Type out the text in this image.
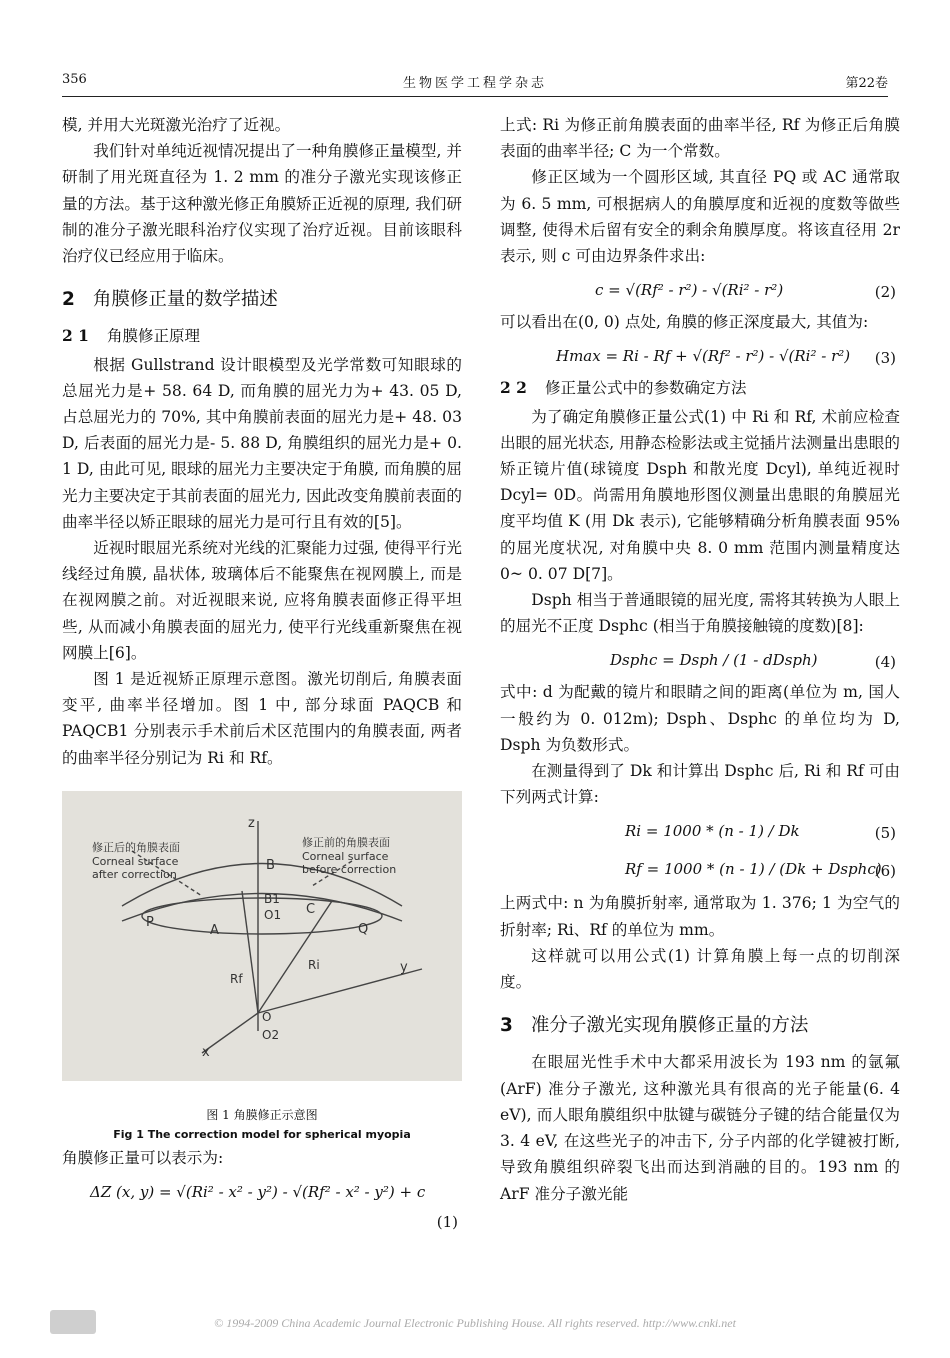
356	生物医学工程学杂志	第22卷

模, 并用大光斑激光治疗了近视。

我们针对单纯近视情况提出了一种角膜修正量模型, 并研制了用光斑直径为 1. 2 mm 的准分子激光实现该修正量的方法。基于这种激光修正角膜矫正近视的原理, 我们研制的准分子激光眼科治疗仪实现了治疗近视。目前该眼科治疗仪已经应用于临床。

2 角膜修正量的数学描述
2 1 角膜修正原理

根据 Gullstrand 设计眼模型及光学常数可知眼球的总屈光力是+ 58. 64 D, 而角膜的屈光力为+ 43. 05 D, 占总屈光力的 70%, 其中角膜前表面的屈光力是+ 48. 03 D, 后表面的屈光力是- 5. 88 D, 角膜组织的屈光力是+ 0. 1 D, 由此可见, 眼球的屈光力主要决定于角膜, 而角膜的屈光力主要决定于其前表面的屈光力, 因此改变角膜前表面的曲率半径以矫正眼球的屈光力是可行且有效的[5]。

近视时眼屈光系统对光线的汇聚能力过强, 使得平行光线经过角膜, 晶状体, 玻璃体后不能聚焦在视网膜上, 而是在视网膜之前。对近视眼来说, 应将角膜表面修正得平坦些, 从而减小角膜表面的屈光力, 使平行光线重新聚焦在视网膜上[6]。

图 1 是近视矫正原理示意图。激光切削后, 角膜表面变平, 曲率半径增加。图 1 中, 部分球面 PAQCB 和 PAQCB1 分别表示手术前后术区范围内的角膜表面, 两者的曲率半径分别记为 Ri 和 Rf。

修正后的角膜表面
Corneal surface
after correction
修正前的角膜表面
Corneal surface
before correction
z
y
x
B
B1
O1 C
P
A	Q
Rf
Ri
O
O2
图 1 角膜修正示意图
Fig 1 The correction model for spherical myopia

角膜修正量可以表示为:

ΔZ (x, y) = √(Ri² - x² - y²) - √(Rf² - x² - y²) + c
(1)

上式: Ri 为修正前角膜表面的曲率半径, Rf 为修正后角膜表面的曲率半径; C 为一个常数。

修正区域为一个圆形区域, 其直径 PQ 或 AC 通常取为 6. 5 mm, 可根据病人的角膜厚度和近视的度数等做些调整, 使得术后留有安全的剩余角膜厚度。将该直径用 2r 表示, 则 c 可由边界条件求出:

c = √(Rf² - r²) - √(Ri² - r²)	(2)

可以看出在(0, 0) 点处, 角膜的修正深度最大, 其值为:

Hmax = Ri - Rf + √(Rf² - r²) - √(Ri² - r²) (3)
2 2 修正量公式中的参数确定方法

为了确定角膜修正量公式(1) 中 Ri 和 Rf, 术前应检查出眼的屈光状态, 用静态检影法或主觉插片法测量出患眼的矫正镜片值(球镜度 Dsph 和散光度 Dcyl), 单纯近视时 Dcyl= 0D。尚需用角膜地形图仪测量出患眼的角膜屈光度平均值 K (用 Dk 表示), 它能够精确分析角膜表面 95% 的屈光度状况, 对角膜中央 8. 0 mm 范围内测量精度达 0~ 0. 07 D[7]。

Dsph 相当于普通眼镜的屈光度, 需将其转换为人眼上的屈光不正度 Dsphc (相当于角膜接触镜的度数)[8]:

Dsphc = Dsph / (1 - dDsph)	(4)

式中: d 为配戴的镜片和眼睛之间的距离(单位为 m, 国人一般约为 0. 012m); Dsph、Dsphc 的单位均为 D, Dsph 为负数形式。

在测量得到了 Dk 和计算出 Dsphc 后, Ri 和 Rf 可由下列两式计算:

Ri = 1000 * (n - 1) / Dk	(5)
Rf = 1000 * (n - 1) / (Dk + Dsphc)
(6)

上两式中: n 为角膜折射率, 通常取为 1. 376; 1 为空气的折射率; Ri、Rf 的单位为 mm。

这样就可以用公式(1) 计算角膜上每一点的切削深度。

3 准分子激光实现角膜修正量的方法

在眼屈光性手术中大都采用波长为 193 nm 的氩氟(ArF) 准分子激光, 这种激光具有很高的光子能量(6. 4 eV), 而人眼角膜组织中肽键与碳链分子键的结合能量仅为 3. 4 eV, 在这些光子的冲击下, 分子内部的化学键被打断, 导致角膜组织碎裂飞出而达到消融的目的。193 nm 的 ArF 准分子激光能

© 1994-2009 China Academic Journal Electronic Publishing House. All rights reserved. http://www.cnki.net
